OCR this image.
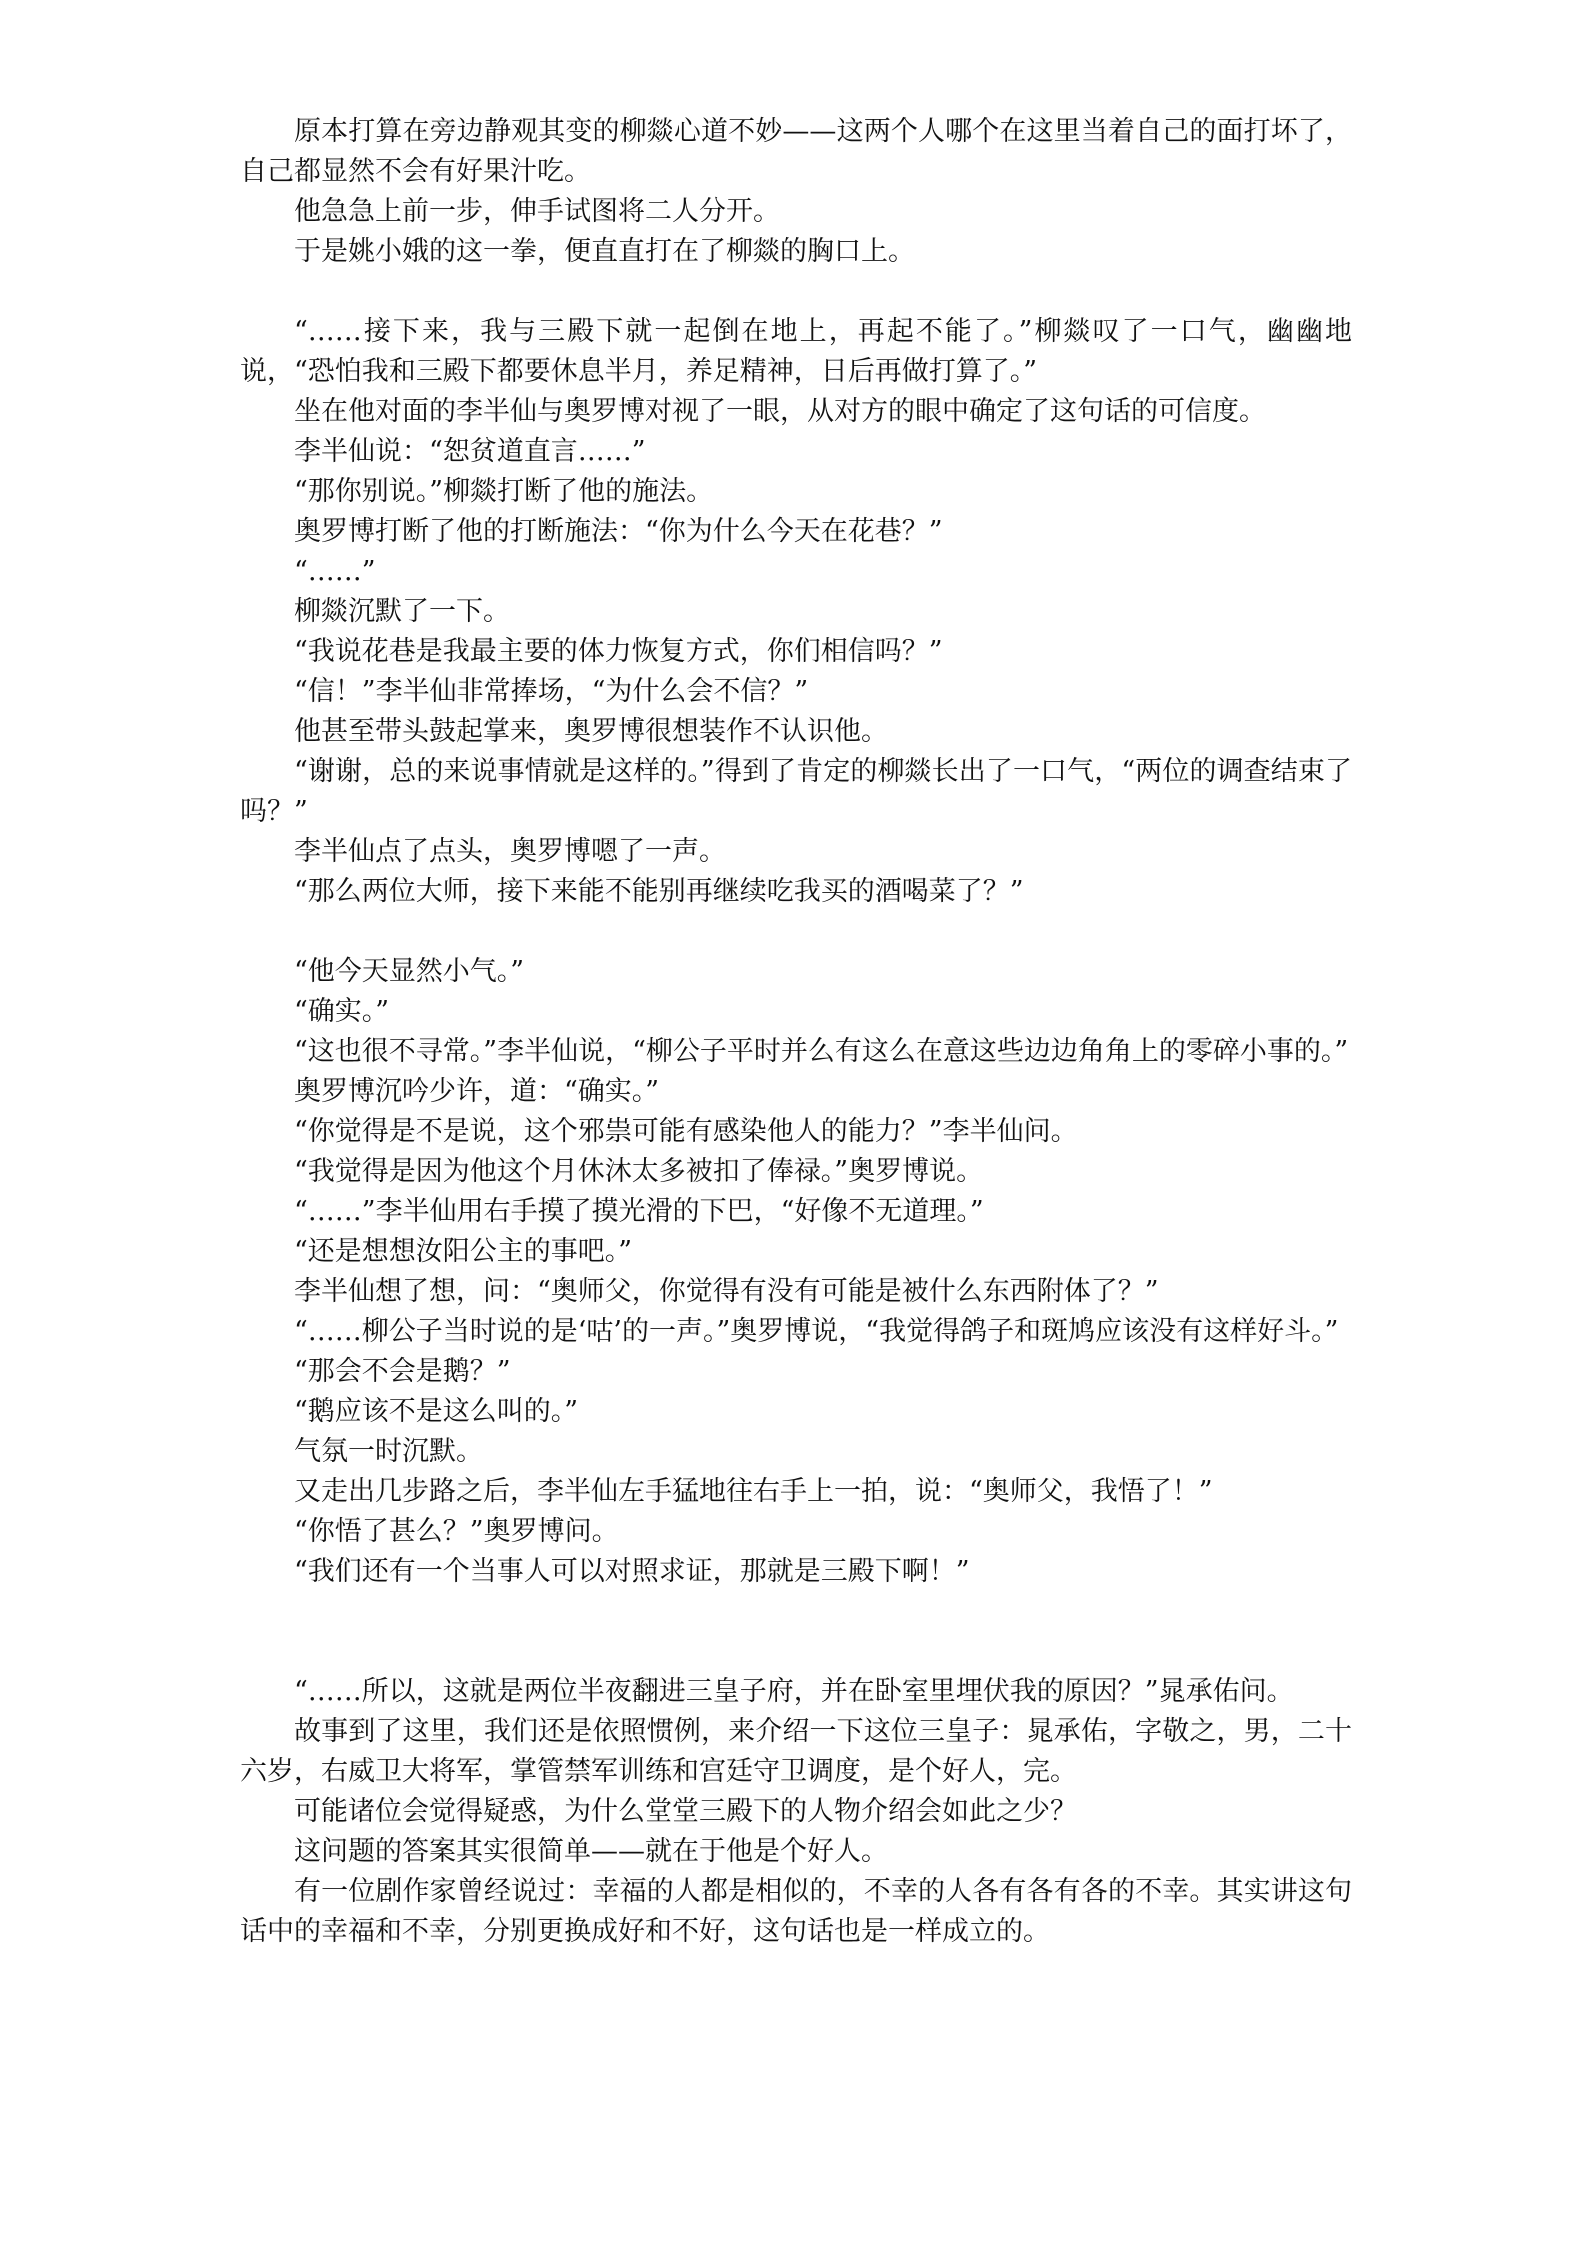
原本打算在旁边静观其变的柳燚心道不妙——这两个人哪个在这里当着自己的面打坏了，自己都显然不会有好果汁吃。

他急急上前一步，伸手试图将二人分开。

于是姚小娥的这一拳，便直直打在了柳燚的胸口上。

“……接下来，我与三殿下就一起倒在地上，再起不能了。”柳燚叹了一口气，幽幽地说，“恐怕我和三殿下都要休息半月，养足精神，日后再做打算了。”

坐在他对面的李半仙与奥罗博对视了一眼，从对方的眼中确定了这句话的可信度。

李半仙说：“恕贫道直言……”

“那你别说。”柳燚打断了他的施法。

奥罗博打断了他的打断施法：“你为什么今天在花巷？”

“……”

柳燚沉默了一下。

“我说花巷是我最主要的体力恢复方式，你们相信吗？”

“信！”李半仙非常捧场，“为什么会不信？”

他甚至带头鼓起掌来，奥罗博很想装作不认识他。

“谢谢，总的来说事情就是这样的。”得到了肯定的柳燚长出了一口气，“两位的调查结束了吗？”

李半仙点了点头，奥罗博嗯了一声。

“那么两位大师，接下来能不能别再继续吃我买的酒喝菜了？”

“他今天显然小气。”

“确实。”

“这也很不寻常。”李半仙说，“柳公子平时并么有这么在意这些边边角角上的零碎小事的。”

奥罗博沉吟少许，道：“确实。”

“你觉得是不是说，这个邪祟可能有感染他人的能力？”李半仙问。

“我觉得是因为他这个月休沐太多被扣了俸禄。”奥罗博说。

“……”李半仙用右手摸了摸光滑的下巴，“好像不无道理。”

“还是想想汝阳公主的事吧。”

李半仙想了想，问：“奥师父，你觉得有没有可能是被什么东西附体了？”

“……柳公子当时说的是‘咕’的一声。”奥罗博说，“我觉得鸽子和斑鸠应该没有这样好斗。”

“那会不会是鹅？”

“鹅应该不是这么叫的。”

气氛一时沉默。

又走出几步路之后，李半仙左手猛地往右手上一拍，说：“奥师父，我悟了！”

“你悟了甚么？”奥罗博问。

“我们还有一个当事人可以对照求证，那就是三殿下啊！”

“……所以，这就是两位半夜翻进三皇子府，并在卧室里埋伏我的原因？”晁承佑问。

故事到了这里，我们还是依照惯例，来介绍一下这位三皇子：晁承佑，字敬之，男，二十六岁，右威卫大将军，掌管禁军训练和宫廷守卫调度，是个好人，完。

可能诸位会觉得疑惑，为什么堂堂三殿下的人物介绍会如此之少？

这问题的答案其实很简单——就在于他是个好人。

有一位剧作家曾经说过：幸福的人都是相似的，不幸的人各有各有各的不幸。其实讲这句话中的幸福和不幸，分别更换成好和不好，这句话也是一样成立的。
